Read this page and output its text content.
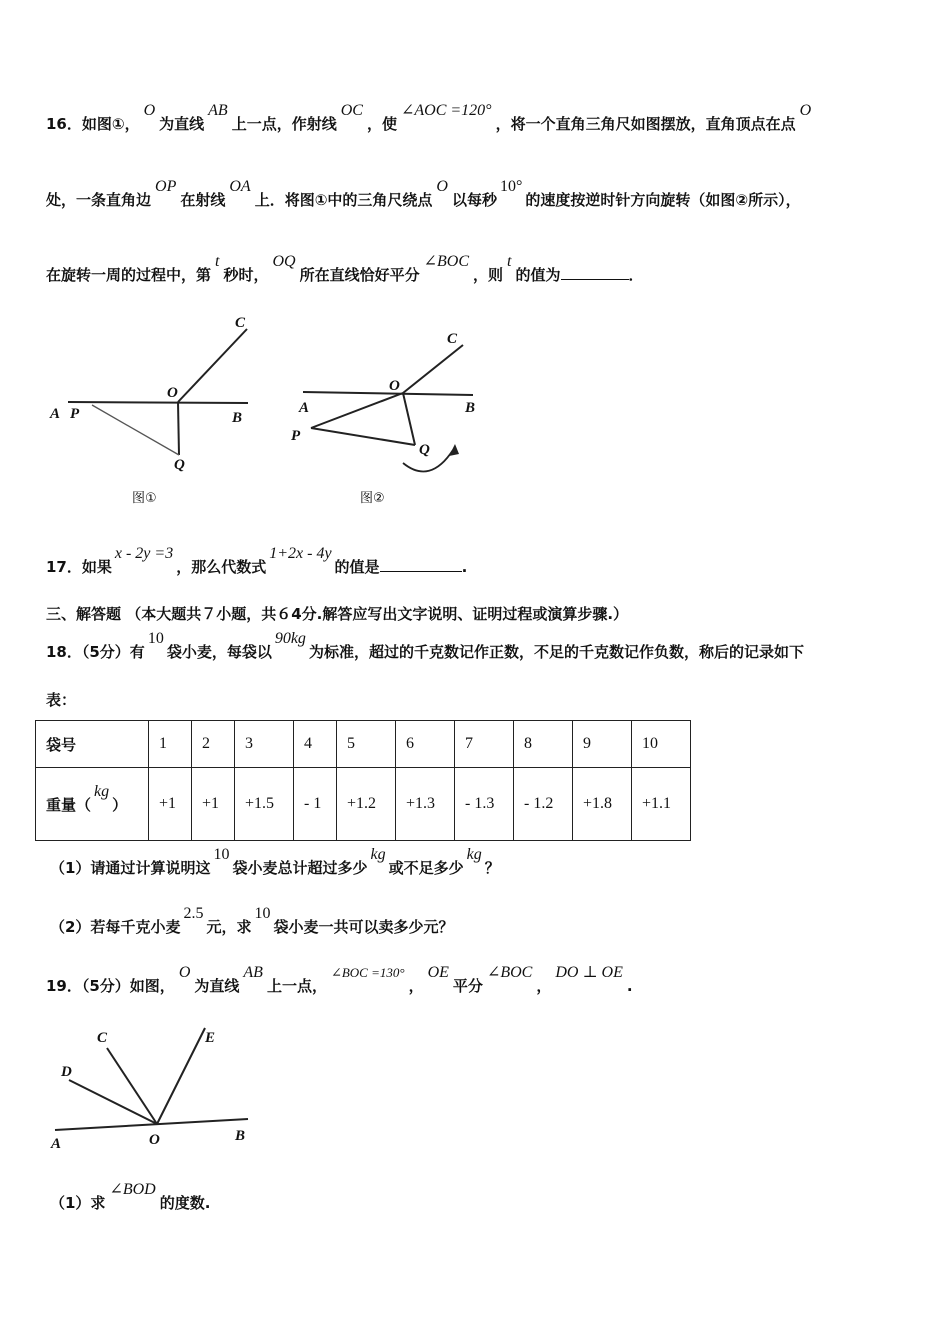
16．如图①，O为直线AB上一点，作射线OC，使∠AOC =120°，将一个直角三角尺如图摆放，直角顶点在点O
处，一条直角边OP在射线OA上．将图①中的三角尺绕点O以每秒10°的速度按逆时针方向旋转（如图②所示），
在旋转一周的过程中，第t秒时，OQ所在直线恰好平分∠BOC，则t的值为	．
C
O
A P	B
Q
图①
C
O
A	B
P
Q
图②
17．如果x - 2y =3，那么代数式1+2x - 4y的值是	.
三、解答题 （本大题共７小题，共６4分.解答应写出文字说明、证明过程或演算步骤.）
18．（5分）有10袋小麦，每袋以90kg为标准，超过的千克数记作正数，不足的千克数记作负数，称后的记录如下
表：
袋号	1	2	3	4	5	6	7	8	9	10
重量（kg）	+1	+1	+1.5	- 1	+1.2	+1.3	- 1.3	- 1.2	+1.8	+1.1
（1）请通过计算说明这10袋小麦总计超过多少kg或不足多少kg？
（2）若每千克小麦2.5元，求10袋小麦一共可以卖多少元？
19．（5分）如图，O为直线AB上一点，∠BOC =130°，OE平分∠BOC，DO ⊥ OE.
C	E
D
A	O	B
（1）求∠BOD的度数.
